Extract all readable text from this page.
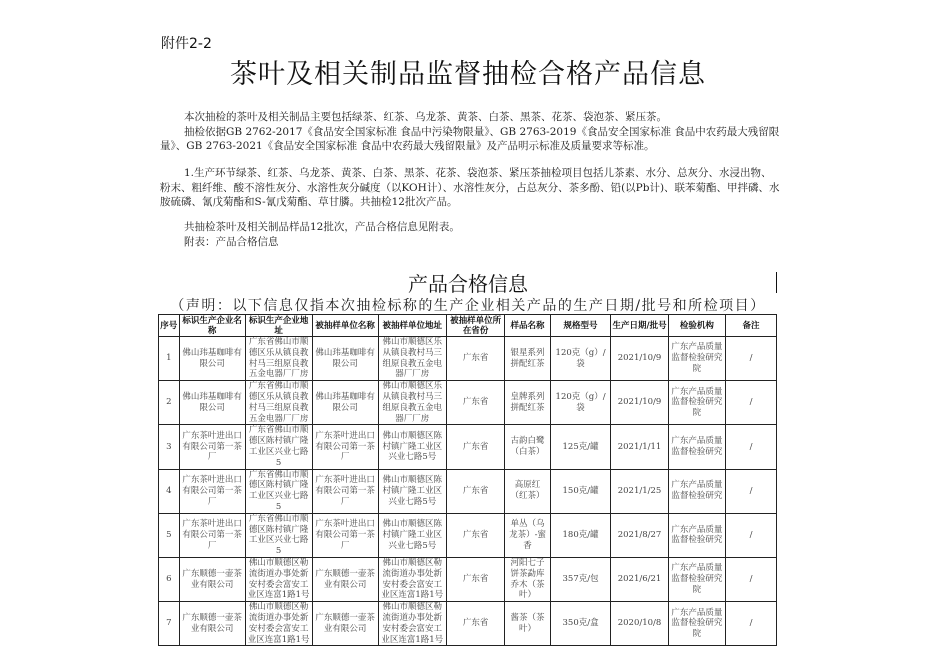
附件2-2
茶叶及相关制品监督抽检合格产品信息

本次抽检的茶叶及相关制品主要包括绿茶、红茶、乌龙茶、黄茶、白茶、黑茶、花茶、袋泡茶、紧压茶。

抽检依据GB 2762-2017《食品安全国家标准 食品中污染物限量》、GB 2763-2019《食品安全国家标准 食品中农药最大残留限量》、GB 2763-2021《食品安全国家标准 食品中农药最大残留限量》及产品明示标准及质量要求等标准。

1.生产环节绿茶、红茶、乌龙茶、黄茶、白茶、黑茶、花茶、袋泡茶、紧压茶抽检项目包括儿茶素、水分、总灰分、水浸出物、粉末、粗纤维、酸不溶性灰分、水溶性灰分碱度（以KOH计）、水溶性灰分，占总灰分、茶多酚、铅(以Pb计)、联苯菊酯、甲拌磷、水胺硫磷、氰戊菊酯和S-氰戊菊酯、草甘膦。共抽检12批次产品。

共抽检茶叶及相关制品样品12批次，产品合格信息见附表。

附表：产品合格信息

产品合格信息
（声明：以下信息仅指本次抽检标称的生产企业相关产品的生产日期/批号和所检项目）
序号	标识生产企业名称	标识生产企业地址	被抽样单位名称	被抽样单位地址	被抽样单位所在省份	样品名称	规格型号	生产日期/批号	检验机构	备注
1	佛山玮基咖啡有限公司	广东省佛山市顺德区乐从镇良教村马三组原良教五金电器厂厂房	佛山玮基咖啡有限公司	佛山市顺德区乐从镇良教村马三组原良教五金电器厂厂房	广东省	银星系列拼配红茶	120克（g）/袋	2021/10/9	广东产品质量监督检验研究院	/
2	佛山玮基咖啡有限公司	广东省佛山市顺德区乐从镇良教村马三组原良教五金电器厂厂房	佛山玮基咖啡有限公司	佛山市顺德区乐从镇良教村马三组原良教五金电器厂厂房	广东省	皇牌系列拼配红茶	120克（g）/袋	2021/10/9	广东产品质量监督检验研究院	/
3	广东茶叶进出口有限公司第一茶厂	广东省佛山市顺德区陈村镇广隆工业区兴业七路5	广东茶叶进出口有限公司第一茶厂	佛山市顺德区陈村镇广隆工业区兴业七路5号	广东省	古韵白鹭（白茶）	125克/罐	2021/1/11	广东产品质量监督检验研究	/
4	广东茶叶进出口有限公司第一茶厂	广东省佛山市顺德区陈村镇广隆工业区兴业七路5	广东茶叶进出口有限公司第一茶厂	佛山市顺德区陈村镇广隆工业区兴业七路5号	广东省	高原红（红茶）	150克/罐	2021/1/25	广东产品质量监督检验研究	/
5	广东茶叶进出口有限公司第一茶厂	广东省佛山市顺德区陈村镇广隆工业区兴业七路5	广东茶叶进出口有限公司第一茶厂	佛山市顺德区陈村镇广隆工业区兴业七路5号	广东省	单丛（乌龙茶）-蜜香	180克/罐	2021/8/27	广东产品质量监督检验研究	/
6	广东顺德一壶茶业有限公司	佛山市顺德区勒流街道办事处新安村委会富安工业区连富1路1号	广东顺德一壶茶业有限公司	佛山市顺德区勒流街道办事处新安村委会富安工业区连富1路1号	广东省	河阳七子饼茶勐库乔木（茶叶）	357克/包	2021/6/21	广东产品质量监督检验研究院	/
7	广东顺德一壶茶业有限公司	佛山市顺德区勒流街道办事处新安村委会富安工业区连富1路1号	广东顺德一壶茶业有限公司	佛山市顺德区勒流街道办事处新安村委会富安工业区连富1路1号	广东省	酱茶（茶叶）	350克/盒	2020/10/8	广东产品质量监督检验研究院	/
